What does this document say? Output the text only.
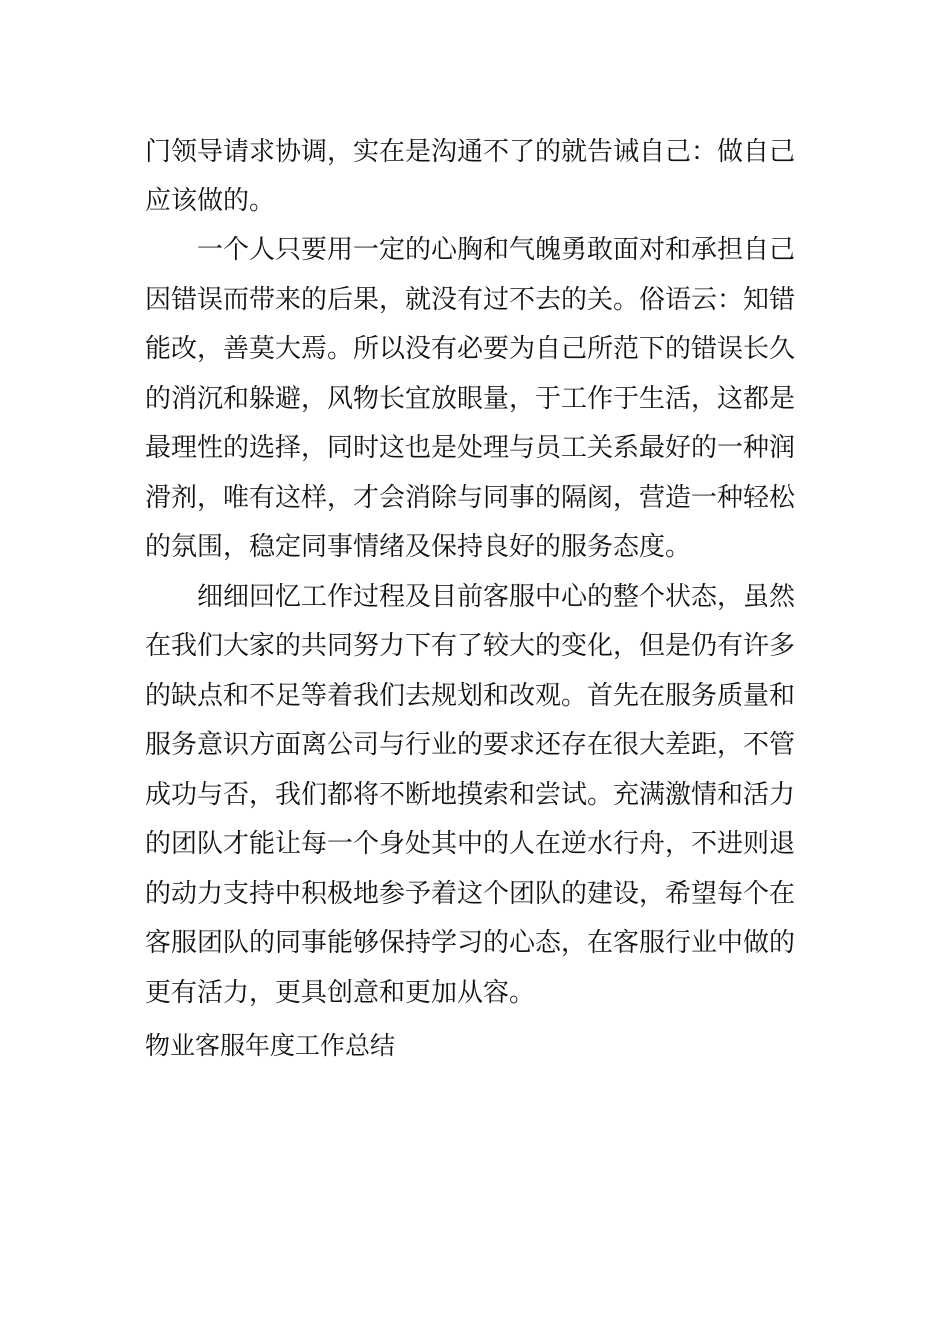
门领导请求协调，实在是沟通不了的就告诫自己：做自己
应该做的。
　　一个人只要用一定的心胸和气魄勇敢面对和承担自己
因错误而带来的后果，就没有过不去的关。俗语云：知错
能改，善莫大焉。所以没有必要为自己所范下的错误长久
的消沉和躲避，风物长宜放眼量，于工作于生活，这都是
最理性的选择，同时这也是处理与员工关系最好的一种润
滑剂，唯有这样，才会消除与同事的隔阂，营造一种轻松
的氛围，稳定同事情绪及保持良好的服务态度。
　　细细回忆工作过程及目前客服中心的整个状态，虽然
在我们大家的共同努力下有了较大的变化，但是仍有许多
的缺点和不足等着我们去规划和改观。首先在服务质量和
服务意识方面离公司与行业的要求还存在很大差距，不管
成功与否，我们都将不断地摸索和尝试。充满激情和活力
的团队才能让每一个身处其中的人在逆水行舟，不进则退
的动力支持中积极地参予着这个团队的建设，希望每个在
客服团队的同事能够保持学习的心态，在客服行业中做的
更有活力，更具创意和更加从容。
物业客服年度工作总结
